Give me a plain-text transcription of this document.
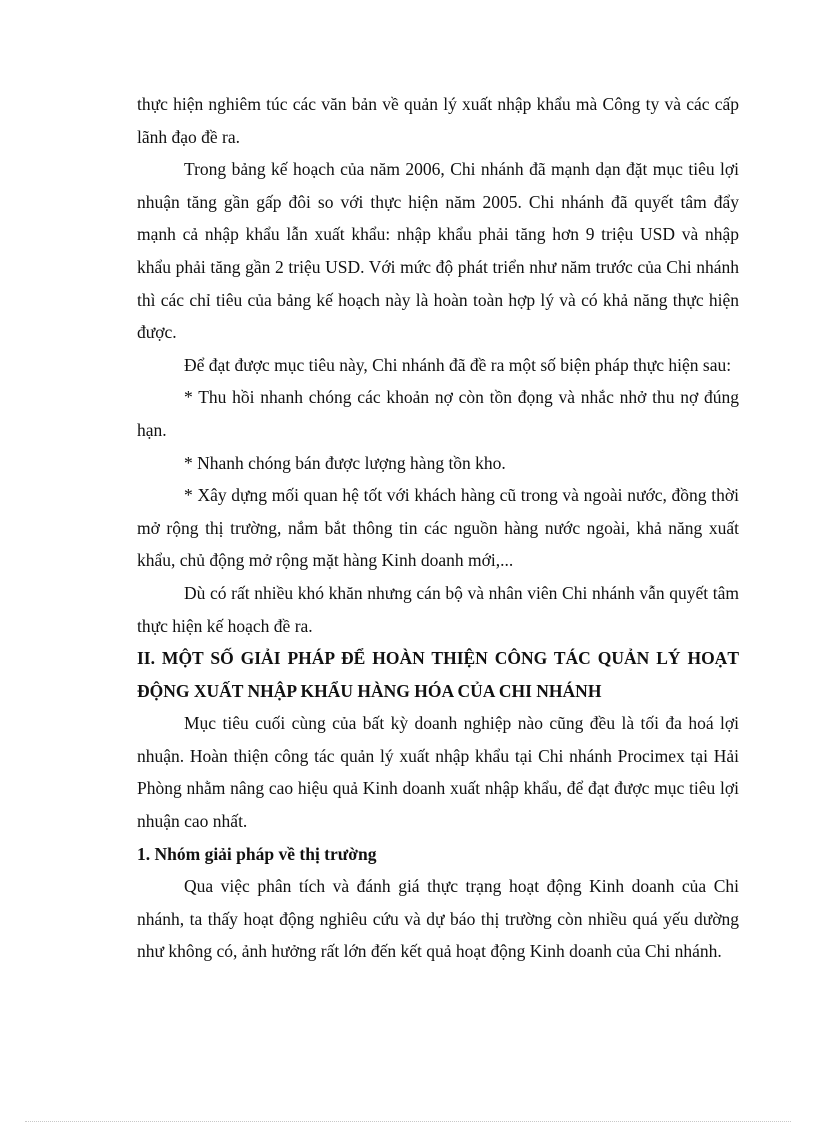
thực hiện nghiêm túc các văn bản về quản lý xuất nhập khẩu mà Công ty và các cấp lãnh đạo đề ra.

Trong bảng kế hoạch của năm 2006, Chi nhánh đã mạnh dạn đặt mục tiêu lợi nhuận tăng gần gấp đôi so với thực hiện năm 2005. Chi nhánh đã quyết tâm đẩy mạnh cả nhập khẩu lẫn xuất khẩu: nhập khẩu phải tăng hơn 9 triệu USD và nhập khẩu phải tăng gần 2 triệu USD. Với mức độ phát triển như năm trước của Chi nhánh thì các chỉ tiêu của bảng kế hoạch này là hoàn toàn hợp lý và có khả năng thực hiện được.

Để đạt được mục tiêu này, Chi nhánh đã đề ra một số biện pháp thực hiện sau:

* Thu hồi nhanh chóng các khoản nợ còn tồn đọng và nhắc nhở thu nợ đúng hạn.

* Nhanh chóng bán được lượng hàng tồn kho.

* Xây dựng mối quan hệ tốt với khách hàng cũ trong và ngoài nước, đồng thời mở rộng thị trường, nắm bắt thông tin các nguồn hàng nước ngoài, khả năng xuất khẩu, chủ động mở rộng mặt hàng Kinh doanh mới,...

Dù có rất nhiều khó khăn nhưng cán bộ và nhân viên Chi nhánh vẫn quyết tâm thực hiện kế hoạch đề ra.

II. MỘT SỐ GIẢI PHÁP ĐỂ HOÀN THIỆN CÔNG TÁC QUẢN LÝ HOẠT ĐỘNG XUẤT NHẬP KHẨU HÀNG HÓA CỦA CHI NHÁNH

Mục tiêu cuối cùng của bất kỳ doanh nghiệp nào cũng đều là tối đa hoá lợi nhuận. Hoàn thiện công tác quản lý xuất nhập khẩu tại Chi nhánh Procimex tại Hải Phòng nhằm nâng cao hiệu quả Kinh doanh xuất nhập khẩu, để đạt được mục tiêu lợi nhuận cao nhất.

1. Nhóm giải pháp về thị trường

Qua việc phân tích và đánh giá thực trạng hoạt động Kinh doanh của Chi nhánh, ta thấy hoạt động nghiêu cứu và dự báo thị trường còn nhiều quá yếu dường như không có, ảnh hưởng rất lớn đến kết quả hoạt động Kinh doanh của Chi nhánh.
